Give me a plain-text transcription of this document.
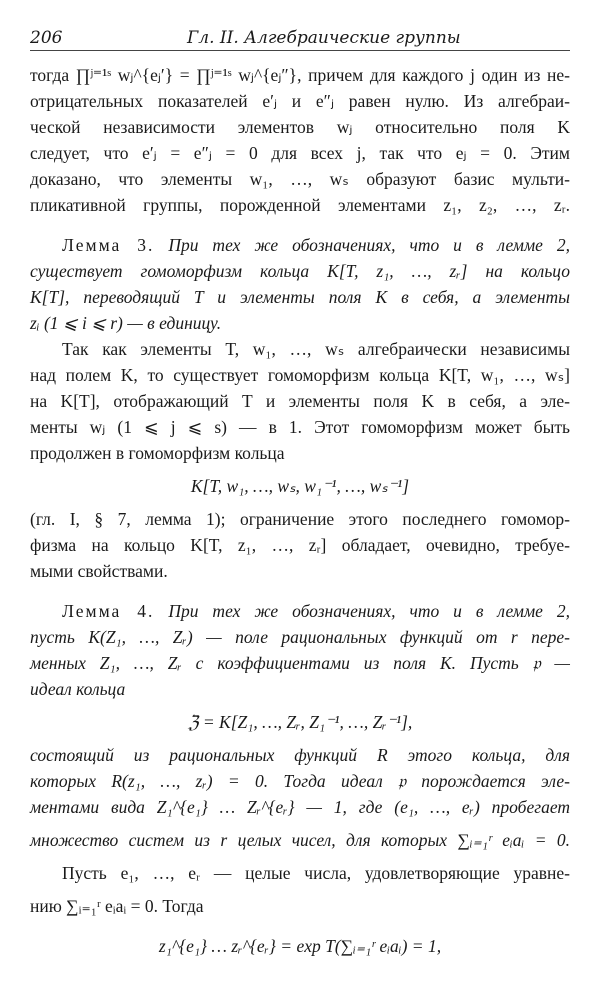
206	Гл. II. Алгебраические группы
тогда ∏ʲ⁼¹ˢ wⱼ^{eⱼ′} = ∏ʲ⁼¹ˢ wⱼ^{eⱼ″}, причем для каждого j один из не-
отрицательных показателей e′ⱼ и e″ⱼ равен нулю. Из алгебраи-
ческой независимости элементов wⱼ относительно поля K
следует, что e′ⱼ = e″ⱼ = 0 для всех j, так что eⱼ = 0. Этим
доказано, что элементы w₁, …, wₛ образуют базис мульти-
пликативной группы, порожденной элементами z₁, z₂, …, zᵣ.
Лемма 3. При тех же обозначениях, что и в лемме 2,
существует гомоморфизм кольца K[T, z₁, …, zᵣ] на кольцо
K[T], переводящий T и элементы поля K в себя, а элементы
zᵢ (1 ⩽ i ⩽ r) — в единицу.
Так как элементы T, w₁, …, wₛ алгебраически независимы
над полем K, то существует гомоморфизм кольца K[T, w₁, …, wₛ]
на K[T], отображающий T и элементы поля K в себя, а эле-
менты wⱼ (1 ⩽ j ⩽ s) — в 1. Этот гомоморфизм может быть
продолжен в гомоморфизм кольца
K[T, w₁, …, wₛ, w₁⁻¹, …, wₛ⁻¹]
(гл. I, § 7, лемма 1); ограничение этого последнего гомомор-
физма на кольцо K[T, z₁, …, zᵣ] обладает, очевидно, требуе-
мыми свойствами.
Лемма 4. При тех же обозначениях, что и в лемме 2,
пусть K(Z₁, …, Zᵣ) — поле рациональных функций от r пере-
менных Z₁, …, Zᵣ с коэффициентами из поля K. Пусть 𝔭 —
идеал кольца
ℨ = K[Z₁, …, Zᵣ, Z₁⁻¹, …, Zᵣ⁻¹],
состоящий из рациональных функций R этого кольца, для
которых R(z₁, …, zᵣ) = 0. Тогда идеал 𝔭 порождается эле-
ментами вида Z₁^{e₁} … Zᵣ^{eᵣ} — 1, где (e₁, …, eᵣ) пробегает
множество систем из r целых чисел, для которых ∑ᵢ₌₁ʳ eᵢaᵢ = 0.
Пусть e₁, …, eᵣ — целые числа, удовлетворяющие уравне-
нию ∑ᵢ₌₁ʳ eᵢaᵢ = 0. Тогда
z₁^{e₁} … zᵣ^{eᵣ} = exp T(∑ᵢ₌₁ʳ eᵢaᵢ) = 1,
